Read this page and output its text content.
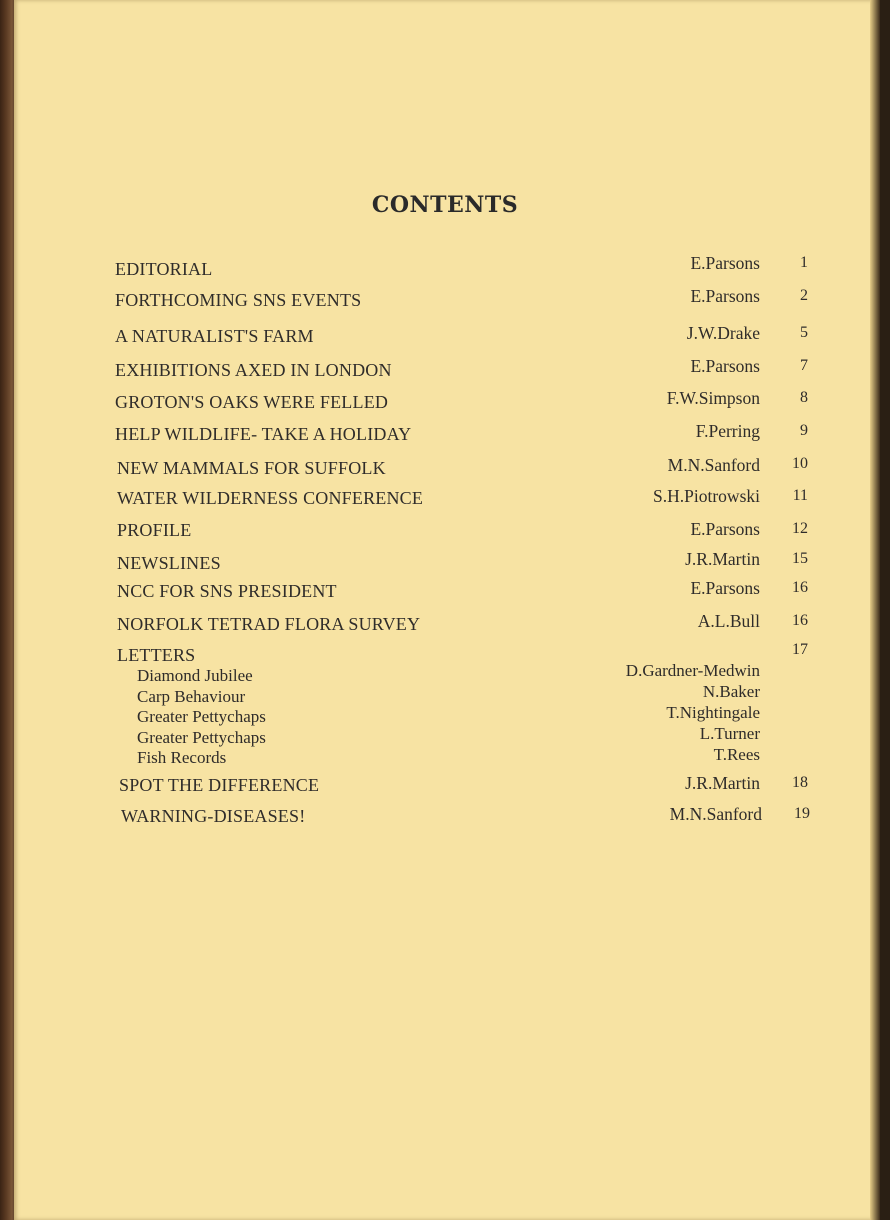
CONTENTS
EDITORIAL	E.Parsons	1
FORTHCOMING SNS EVENTS	E.Parsons	2
A NATURALIST'S FARM	J.W.Drake	5
EXHIBITIONS AXED IN LONDON	E.Parsons	7
GROTON'S OAKS WERE FELLED	F.W.Simpson	8
HELP WILDLIFE- TAKE A HOLIDAY	F.Perring	9
NEW MAMMALS FOR SUFFOLK	M.N.Sanford	10
WATER WILDERNESS CONFERENCE	S.H.Piotrowski	11
PROFILE	E.Parsons	12
NEWSLINES	J.R.Martin	15
NCC FOR SNS PRESIDENT	E.Parsons	16
NORFOLK TETRAD FLORA SURVEY	A.L.Bull	16
LETTERS	17
Diamond Jubilee	D.Gardner-Medwin
Carp Behaviour	N.Baker
Greater Pettychaps	T.Nightingale
Greater Pettychaps	L.Turner
Fish Records	T.Rees
SPOT THE DIFFERENCE	J.R.Martin	18
WARNING-DISEASES!	M.N.Sanford	19
